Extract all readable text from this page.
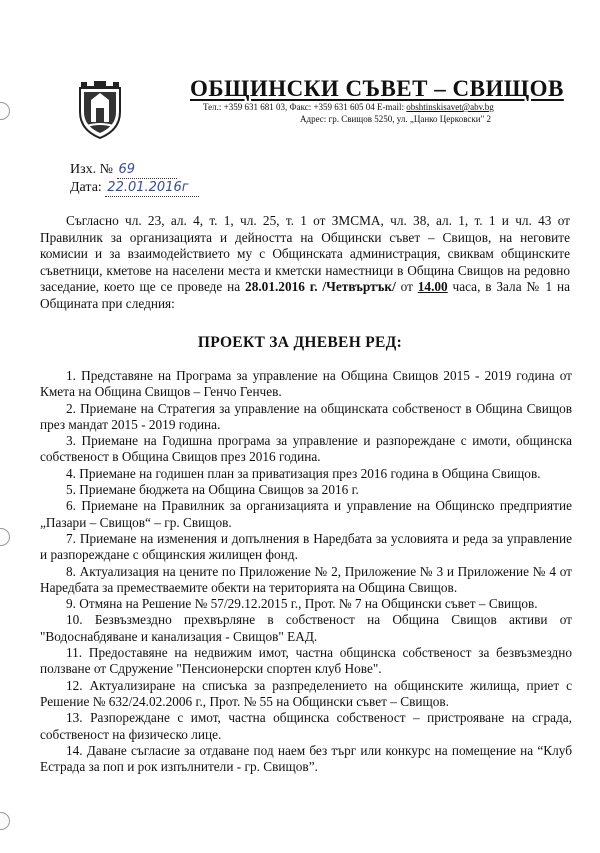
ОБЩИНСКИ СЪВЕТ – СВИЩОВ
Тел.: +359 631 681 03, Факс: +359 631 605 04 E-mail: obshtinskisavet@abv.bg
Адрес: гр. Свищов 5250, ул. „Цанко Церковски" 2
Изх. № 69
Дата: 22.01.2016г
Съгласно чл. 23, ал. 4, т. 1, чл. 25, т. 1 от ЗМСМА, чл. 38, ал. 1, т. 1 и чл. 43 от Правилник за организацията и дейността на Общински съвет – Свищов, на неговите комисии и за взаимодействието му с Общинската администрация, свиквам общинските съветници, кметове на населени места и кметски наместници в Община Свищов на редовно заседание, което ще се проведе на 28.01.2016 г. /Четвъртък/ от 14.00 часа, в Зала № 1 на Общината при следния:
ПРОЕКТ ЗА ДНЕВЕН РЕД:

1. Представяне на Програма за управление на Община Свищов 2015 - 2019 година от Кмета на Община Свищов – Генчо Генчев.

2. Приемане на Стратегия за управление на общинската собственост в Община Свищов през мандат 2015 - 2019 година.

3. Приемане на Годишна програма за управление и разпореждане с имоти, общинска собственост в Община Свищов през 2016 година.

4. Приемане на годишен план за приватизация през 2016 година в Община Свищов.

5. Приемане бюджета на Община Свищов за 2016 г.

6. Приемане на Правилник за организацията и управление на Общинско предприятие „Пазари – Свищов“ – гр. Свищов.

7. Приемане на изменения и допълнения в Наредбата за условията и реда за управление и разпореждане с общинския жилищен фонд.

8. Актуализация на цените по Приложение № 2, Приложение № 3 и Приложение № 4 от Наредбата за преместваемите обекти на територията на Община Свищов.

9. Отмяна на Решение № 57/29.12.2015 г., Прот. № 7 на Общински съвет – Свищов.

10. Безвъзмездно прехвърляне в собственост на Община Свищов активи от "Водоснабдяване и канализация - Свищов" ЕАД.

11. Предоставяне на недвижим имот, частна общинска собственост за безвъзмездно ползване от Сдружение "Пенсионерски спортен клуб Нове".

12. Актуализиране на списъка за разпределението на общинските жилища, приет с Решение № 632/24.02.2006 г., Прот. № 55 на Общински съвет – Свищов.

13. Разпореждане с имот, частна общинска собственост – пристрояване на сграда, собственост на физическо лице.

14. Даване съгласие за отдаване под наем без търг или конкурс на помещение на “Клуб Естрада за поп и рок изпълнители - гр. Свищов”.
